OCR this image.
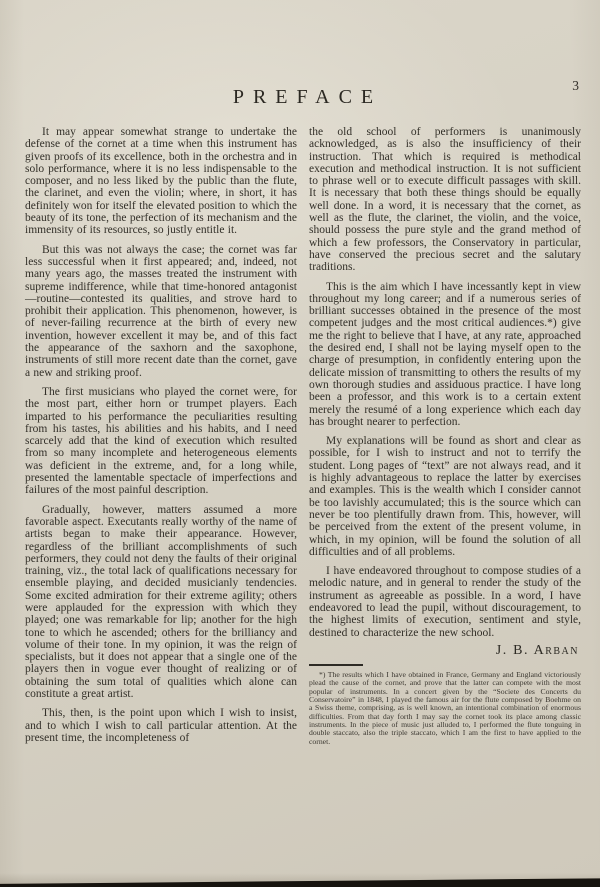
3
PREFACE

It may appear somewhat strange to undertake the defense of the cornet at a time when this instrument has given proofs of its excellence, both in the orchestra and in solo performance, where it is no less indispensable to the composer, and no less liked by the public than the flute, the clarinet, and even the violin; where, in short, it has definitely won for itself the elevated position to which the beauty of its tone, the perfection of its mechanism and the immensity of its resources, so justly entitle it.

But this was not always the case; the cornet was far less successful when it first appeared; and, indeed, not many years ago, the masses treated the instrument with supreme indifference, while that time-honored antagonist—routine—contested its qualities, and strove hard to prohibit their application. This phenomenon, however, is of never-failing recurrence at the birth of every new invention, however excellent it may be, and of this fact the appearance of the saxhorn and the saxophone, instruments of still more recent date than the cornet, gave a new and striking proof.

The first musicians who played the cornet were, for the most part, either horn or trumpet players. Each imparted to his performance the peculiarities resulting from his tastes, his abilities and his habits, and I need scarcely add that the kind of execution which resulted from so many incomplete and heterogeneous elements was deficient in the extreme, and, for a long while, presented the lamentable spectacle of imperfections and failures of the most painful description.

Gradually, however, matters assumed a more favorable aspect. Executants really worthy of the name of artists began to make their appearance. However, regardless of the brilliant accomplishments of such performers, they could not deny the faults of their original training, viz., the total lack of qualifications necessary for ensemble playing, and decided musicianly tendencies. Some excited admiration for their extreme agility; others were applauded for the expression with which they played; one was remarkable for lip; another for the high tone to which he ascended; others for the brilliancy and volume of their tone. In my opinion, it was the reign of specialists, but it does not appear that a single one of the players then in vogue ever thought of realizing or of obtaining the sum total of qualities which alone can constitute a great artist.

This, then, is the point upon which I wish to insist, and to which I wish to call particular attention. At the present time, the incompleteness of

the old school of performers is unanimously acknowledged, as is also the insufficiency of their instruction. That which is required is methodical execution and methodical instruction. It is not sufficient to phrase well or to execute difficult passages with skill. It is necessary that both these things should be equally well done. In a word, it is necessary that the cornet, as well as the flute, the clarinet, the violin, and the voice, should possess the pure style and the grand method of which a few professors, the Conservatory in particular, have conserved the precious secret and the salutary traditions.

This is the aim which I have incessantly kept in view throughout my long career; and if a numerous series of brilliant successes obtained in the presence of the most competent judges and the most critical audiences.*) give me the right to believe that I have, at any rate, approached the desired end, I shall not be laying myself open to the charge of presumption, in confidently entering upon the delicate mission of transmitting to others the results of my own thorough studies and assiduous practice. I have long been a professor, and this work is to a certain extent merely the resumé of a long experience which each day has brought nearer to perfection.

My explanations will be found as short and clear as possible, for I wish to instruct and not to terrify the student. Long pages of “text” are not always read, and it is highly advantageous to replace the latter by exercises and examples. This is the wealth which I consider cannot be too lavishly accumulated; this is the source which can never be too plentifully drawn from. This, however, will be perceived from the extent of the present volume, in which, in my opinion, will be found the solution of all difficulties and of all problems.

I have endeavored throughout to compose studies of a melodic nature, and in general to render the study of the instrument as agreeable as possible. In a word, I have endeavored to lead the pupil, without discouragement, to the highest limits of execution, sentiment and style, destined to characterize the new school.

J. B. Arban

*) The results which I have obtained in France, Germany and England victoriously plead the cause of the cornet, and prove that the latter can compete with the most popular of instruments. In a concert given by the “Societe des Concerts du Conservatoire” in 1848, I played the famous air for the flute composed by Boehme on a Swiss theme, comprising, as is well known, an intentional combination of enormous difficulties. From that day forth I may say the cornet took its place among classic instruments. In the piece of music just alluded to, I performed the flute tonguing in double staccato, also the triple staccato, which I am the first to have applied to the cornet.
